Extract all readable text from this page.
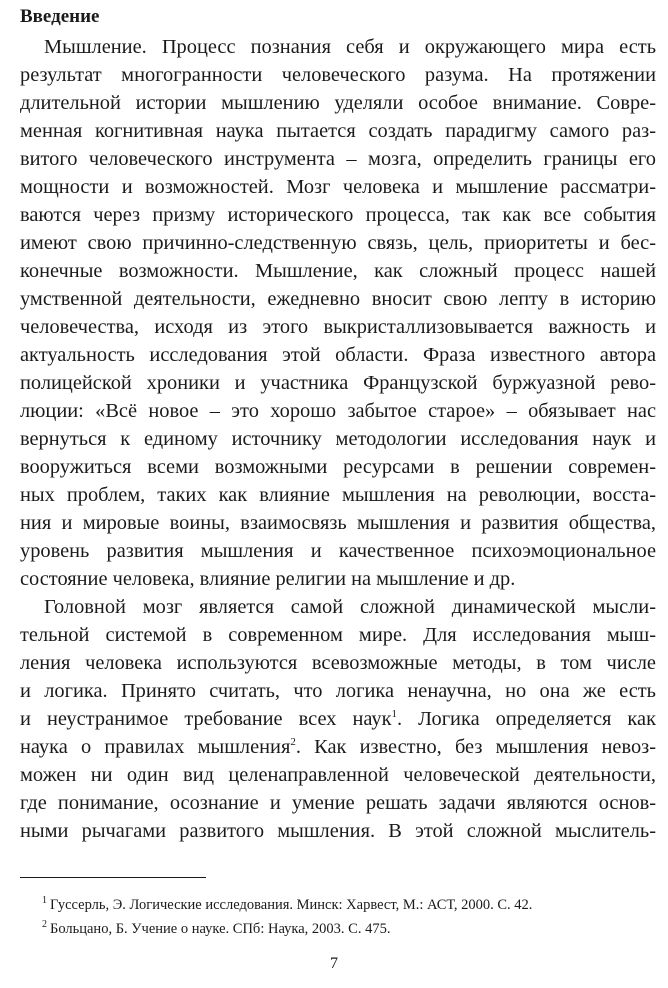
Введение
Мышление. Процесс познания себя и окружающего мира есть
результат многогранности человеческого разума. На протяжении
длительной истории мышлению уделяли особое внимание. Совре-
менная когнитивная наука пытается создать парадигму самого раз-
витого человеческого инструмента – мозга, определить границы его
мощности и возможностей. Мозг человека и мышление рассматри-
ваются через призму исторического процесса, так как все события
имеют свою причинно-следственную связь, цель, приоритеты и бес-
конечные возможности. Мышление, как сложный процесс нашей
умственной деятельности, ежедневно вносит свою лепту в историю
человечества, исходя из этого выкристаллизовывается важность и
актуальность исследования этой области. Фраза известного автора
полицейской хроники и участника Французской буржуазной рево-
люции: «Всё новое – это хорошо забытое старое» – обязывает нас
вернуться к единому источнику методологии исследования наук и
вооружиться всеми возможными ресурсами в решении современ-
ных проблем, таких как влияние мышления на революции, восста-
ния и мировые воины, взаимосвязь мышления и развития общества,
уровень развития мышления и качественное психоэмоциональное
состояние человека, влияние религии на мышление и др.
Головной мозг является самой сложной динамической мысли-
тельной системой в современном мире. Для исследования мыш-
ления человека используются всевозможные методы, в том числе
и логика. Принято считать, что логика ненаучна, но она же есть
и неустранимое требование всех наук$^1$. Логика определяется как
наука о правилах мышления$^2$. Как известно, без мышления невоз-
можен ни один вид целенаправленной человеческой деятельности,
где понимание, осознание и умение решать задачи являются основ-
ными рычагами развитого мышления. В этой сложной мыслитель-
$^1$ Гуссерль, Э. Логические исследования. Минск: Харвест, М.: АСТ, 2000. С. 42.
$^2$ Больцано, Б. Учение о науке. СПб: Наука, 2003. С. 475.
7
